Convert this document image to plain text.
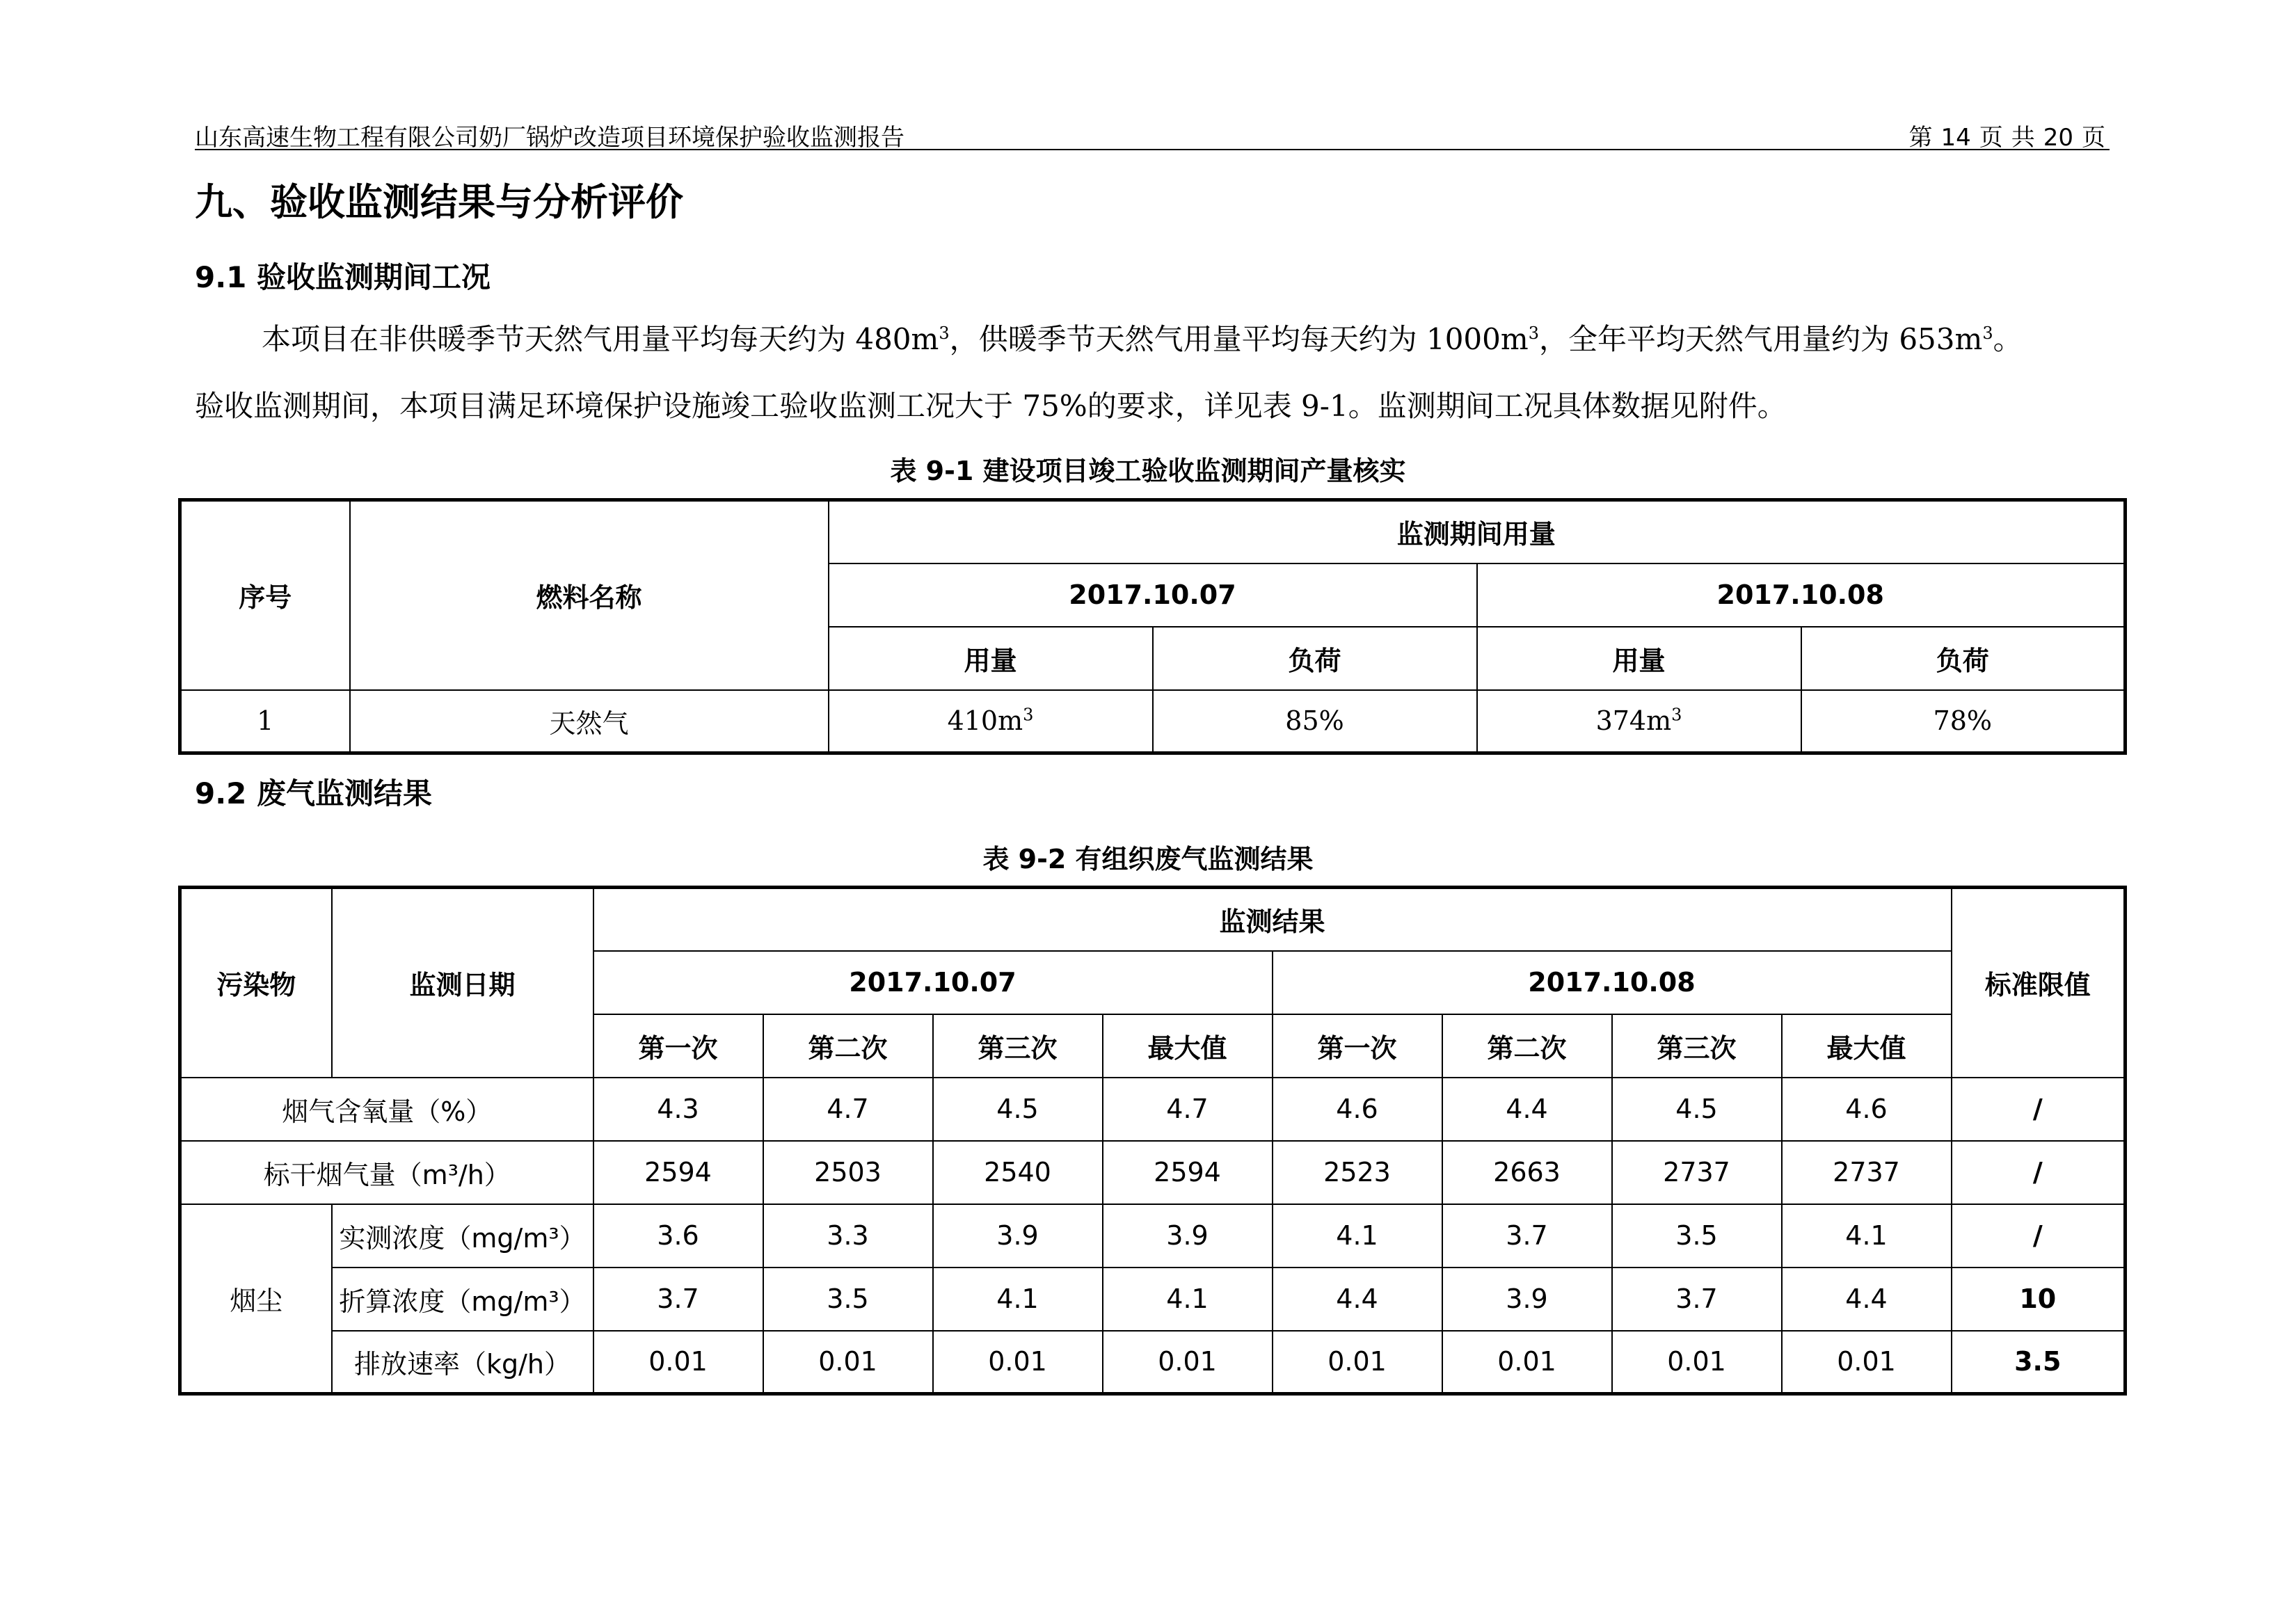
山东高速生物工程有限公司奶厂锅炉改造项目环境保护验收监测报告	第 14 页 共 20 页
九、验收监测结果与分析评价
9.1 验收监测期间工况
本项目在非供暖季节天然气用量平均每天约为 $480m^3$，供暖季节天然气用量平均每天约为 $1000m^3$，全年平均天然气用量约为 $653m^3$。
验收监测期间，本项目满足环境保护设施竣工验收监测工况大于 75%的要求，详见表 9-1。监测期间工况具体数据见附件。
表 9-1 建设项目竣工验收监测期间产量核实
序号	燃料名称	监测期间用量			
		2017.10.07		2017.10.08	
		用量	负荷	用量	负荷
1	天然气	$410m^3$	85%	$374m^3$	78%
9.2 废气监测结果
表 9-2 有组织废气监测结果
污染物	监测日期	监测结果								标准限值
		2017.10.07				2017.10.08				
		第一次	第二次	第三次	最大值	第一次	第二次	第三次	最大值	
烟气含氧量（%）		4.3	4.7	4.5	4.7	4.6	4.4	4.5	4.6	/
标干烟气量（m³/h）		2594	2503	2540	2594	2523	2663	2737	2737	/
烟尘	实测浓度（mg/m³）	3.6	3.3	3.9	3.9	4.1	3.7	3.5	4.1	/
	折算浓度（mg/m³）	3.7	3.5	4.1	4.1	4.4	3.9	3.7	4.4	10
	排放速率（kg/h）	0.01	0.01	0.01	0.01	0.01	0.01	0.01	0.01	3.5
